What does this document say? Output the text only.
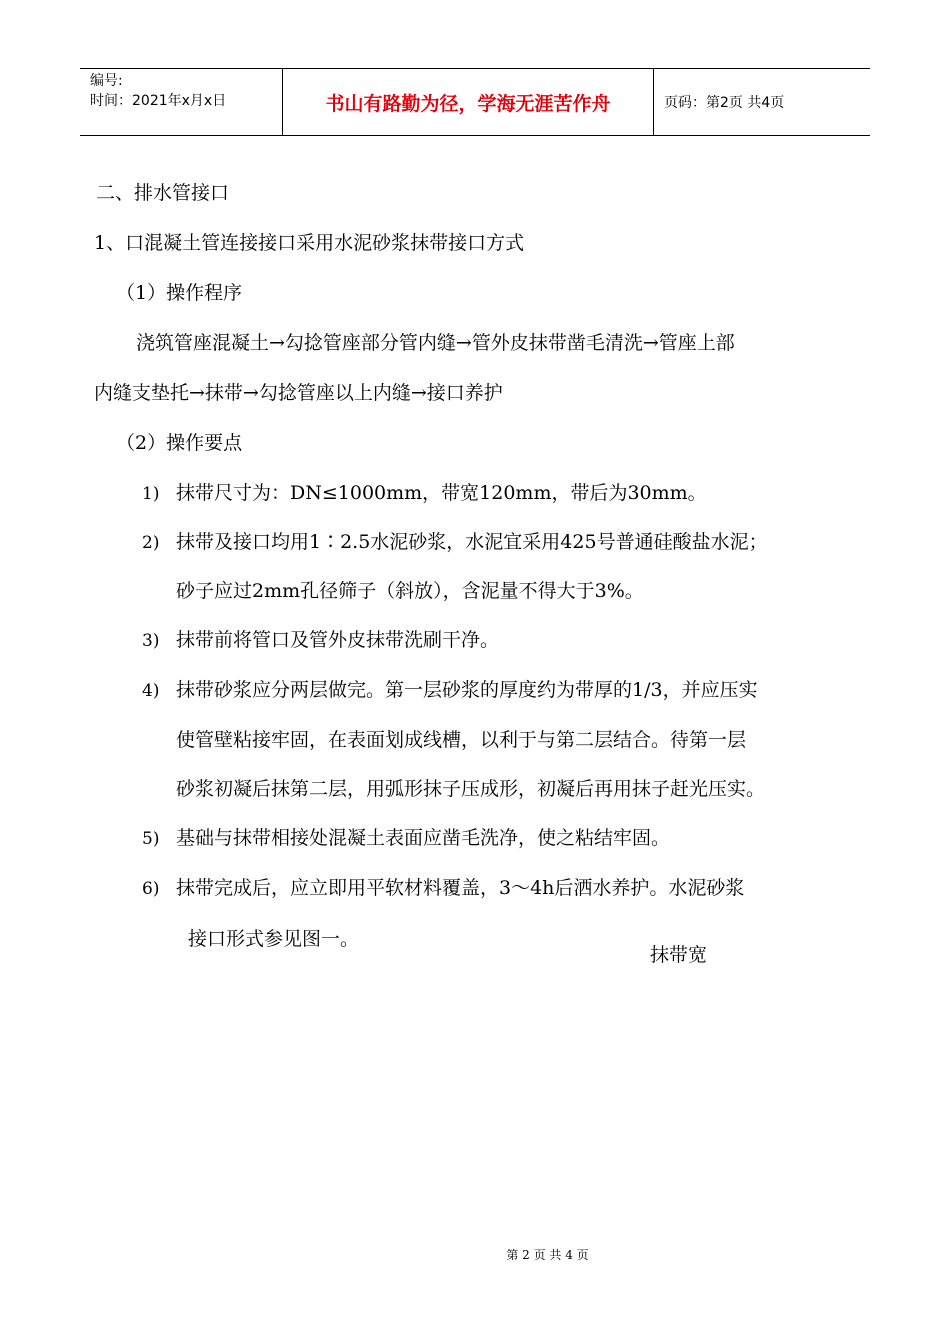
编号:
时间：2021年x月x日	书山有路勤为径，学海无涯苦作舟	页码：第2页 共4页
二、排水管接口
1、口混凝土管连接接口采用水泥砂浆抹带接口方式
（1）操作程序
浇筑管座混凝土→勾捻管座部分管内缝→管外皮抹带凿毛清洗→管座上部
内缝支垫托→抹带→勾捻管座以上内缝→接口养护
（2）操作要点
1) 抹带尺寸为：DN≤1000mm，带宽120mm，带后为30mm。
2) 抹带及接口均用1∶2.5水泥砂浆，水泥宜采用425号普通硅酸盐水泥；
砂子应过2mm孔径筛子（斜放），含泥量不得大于3%。
3) 抹带前将管口及管外皮抹带洗刷干净。
4) 抹带砂浆应分两层做完。第一层砂浆的厚度约为带厚的1/3，并应压实
使管壁粘接牢固，在表面划成线槽，以利于与第二层结合。待第一层
砂浆初凝后抹第二层，用弧形抹子压成形，初凝后再用抹子赶光压实。
5) 基础与抹带相接处混凝土表面应凿毛洗净，使之粘结牢固。
6) 抹带完成后，应立即用平软材料覆盖，3～4h后洒水养护。水泥砂浆
接口形式参见图一。
抹带宽
第 2 页 共 4 页
